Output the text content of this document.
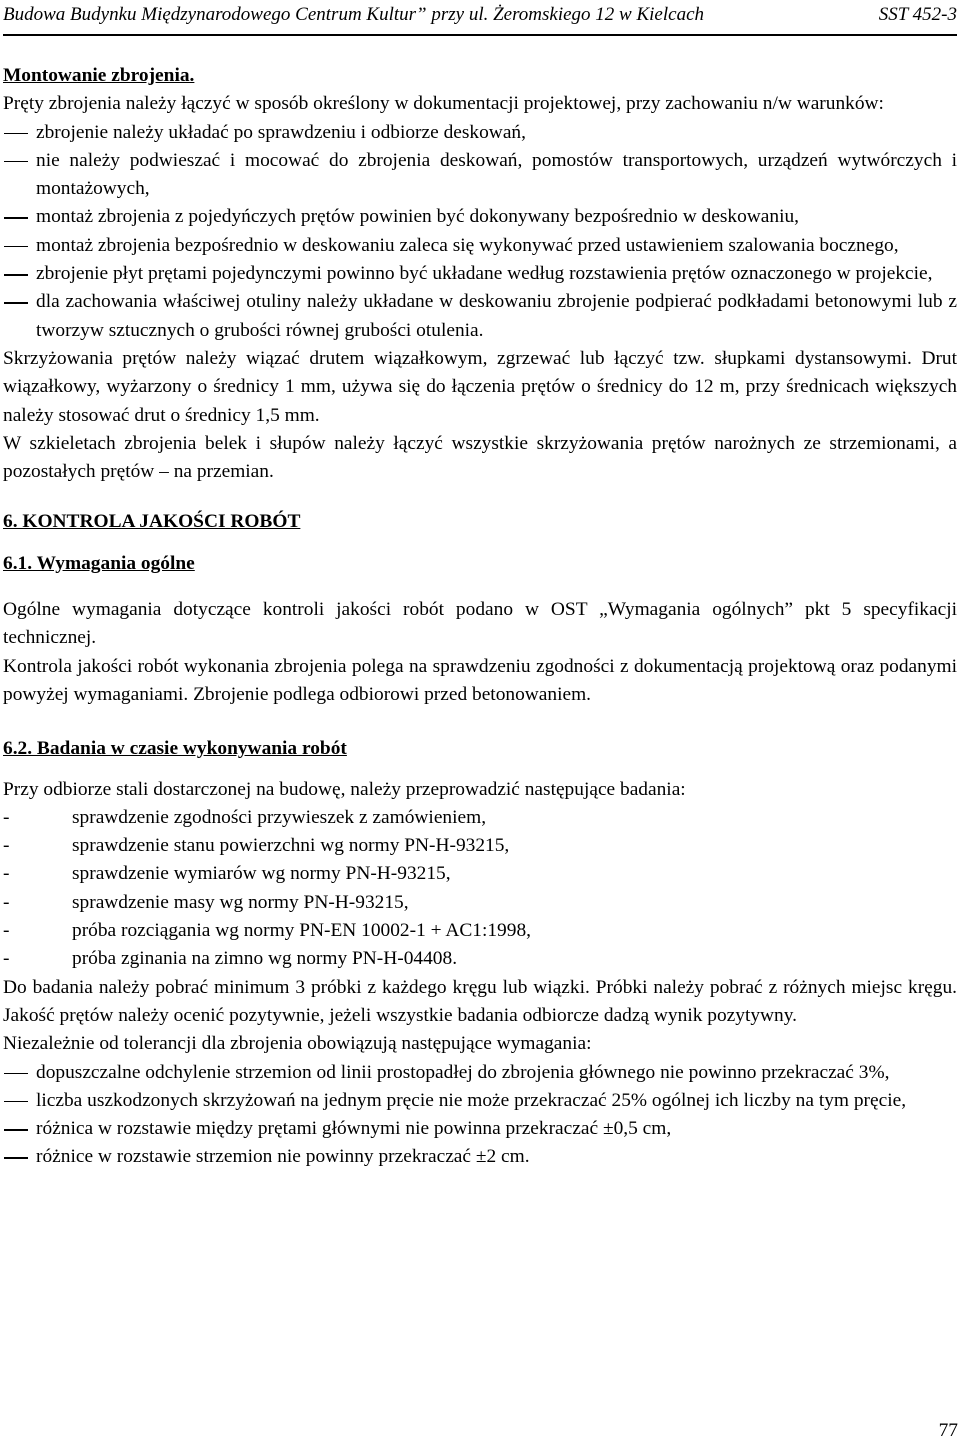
Budowa Budynku Międzynarodowego Centrum Kultur” przy ul. Żeromskiego 12 w Kielcach	SST 452-3

Montowanie zbrojenia.

Pręty zbrojenia należy łączyć w sposób określony w dokumentacji projektowej, przy zachowaniu n/w warunków:

zbrojenie należy układać po sprawdzeniu i odbiorze deskowań,
nie należy podwieszać i mocować do zbrojenia deskowań, pomostów transportowych, urządzeń wytwórczych i montażowych,
montaż zbrojenia z pojedyńczych prętów powinien być dokonywany bezpośrednio w deskowaniu,
montaż zbrojenia bezpośrednio w deskowaniu zaleca się wykonywać przed ustawieniem szalowania bocznego,
zbrojenie płyt prętami pojedynczymi powinno być układane według rozstawienia prętów oznaczonego w projekcie,
dla zachowania właściwej otuliny należy układane w deskowaniu zbrojenie podpierać podkładami betonowymi lub z tworzyw sztucznych o grubości równej grubości otulenia.

Skrzyżowania prętów należy wiązać drutem wiązałkowym, zgrzewać lub łączyć tzw. słupkami dystansowymi. Drut wiązałkowy, wyżarzony o średnicy 1 mm, używa się do łączenia prętów o średnicy do 12 m, przy średnicach większych należy stosować drut o średnicy 1,5 mm.

W szkieletach zbrojenia belek i słupów należy łączyć wszystkie skrzyżowania prętów narożnych ze strzemionami, a pozostałych prętów – na przemian.

6. KONTROLA JAKOŚCI ROBÓT

6.1. Wymagania ogólne

Ogólne wymagania dotyczące kontroli jakości robót podano w OST „Wymagania ogólnych” pkt 5 specyfikacji technicznej.

Kontrola jakości robót wykonania zbrojenia polega na sprawdzeniu zgodności z dokumentacją projektową oraz podanymi powyżej wymaganiami. Zbrojenie podlega odbiorowi przed betonowaniem.

6.2. Badania w czasie wykonywania robót

Przy odbiorze stali dostarczonej na budowę, należy przeprowadzić następujące badania:

-	sprawdzenie zgodności przywieszek z zamówieniem,
-	sprawdzenie stanu powierzchni wg normy PN-H-93215,
-	sprawdzenie wymiarów wg normy PN-H-93215,
-	sprawdzenie masy wg normy PN-H-93215,
-	próba rozciągania wg normy PN-EN 10002-1 + AC1:1998,
-	próba zginania na zimno wg normy PN-H-04408.

Do badania należy pobrać minimum 3 próbki z każdego kręgu lub wiązki. Próbki należy pobrać z różnych miejsc kręgu. Jakość prętów należy ocenić pozytywnie, jeżeli wszystkie badania odbiorcze dadzą wynik pozytywny.

Niezależnie od tolerancji dla zbrojenia obowiązują następujące wymagania:

dopuszczalne odchylenie strzemion od linii prostopadłej do zbrojenia głównego nie powinno przekraczać 3%,
liczba uszkodzonych skrzyżowań na jednym pręcie nie może przekraczać 25% ogólnej ich liczby na tym pręcie,
różnica w rozstawie między prętami głównymi nie powinna przekraczać ±0,5 cm,
różnice w rozstawie strzemion nie powinny przekraczać ±2 cm.
77
